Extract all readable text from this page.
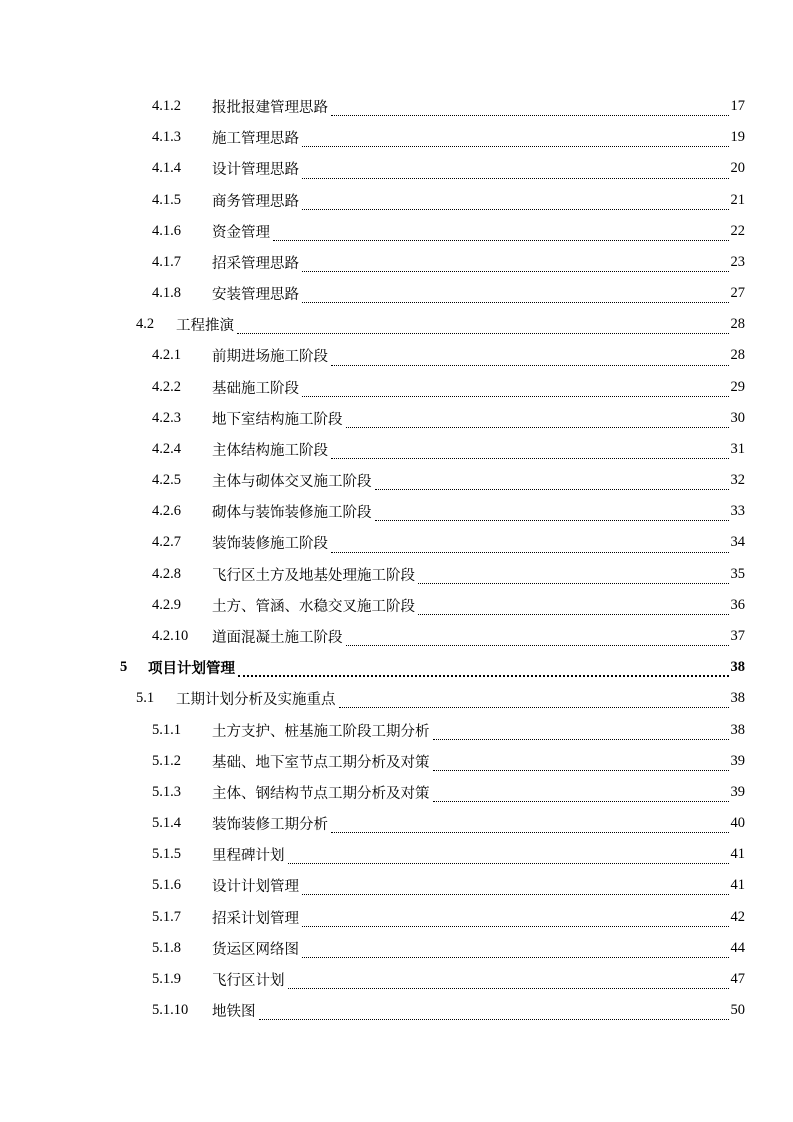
4.1.2	报批报建管理思路	17
4.1.3	施工管理思路	19
4.1.4	设计管理思路	20
4.1.5	商务管理思路	21
4.1.6	资金管理	22
4.1.7	招采管理思路	23
4.1.8	安装管理思路	27
4.2	工程推演	28
4.2.1	前期进场施工阶段	28
4.2.2	基础施工阶段	29
4.2.3	地下室结构施工阶段	30
4.2.4	主体结构施工阶段	31
4.2.5	主体与砌体交叉施工阶段	32
4.2.6	砌体与装饰装修施工阶段	33
4.2.7	装饰装修施工阶段	34
4.2.8	飞行区土方及地基处理施工阶段	35
4.2.9	土方、管涵、水稳交叉施工阶段	36
4.2.10	道面混凝土施工阶段	37
5	项目计划管理	38
5.1	工期计划分析及实施重点	38
5.1.1	土方支护、桩基施工阶段工期分析	38
5.1.2	基础、地下室节点工期分析及对策	39
5.1.3	主体、钢结构节点工期分析及对策	39
5.1.4	装饰装修工期分析	40
5.1.5	里程碑计划	41
5.1.6	设计计划管理	41
5.1.7	招采计划管理	42
5.1.8	货运区网络图	44
5.1.9	飞行区计划	47
5.1.10	地铁图	50
